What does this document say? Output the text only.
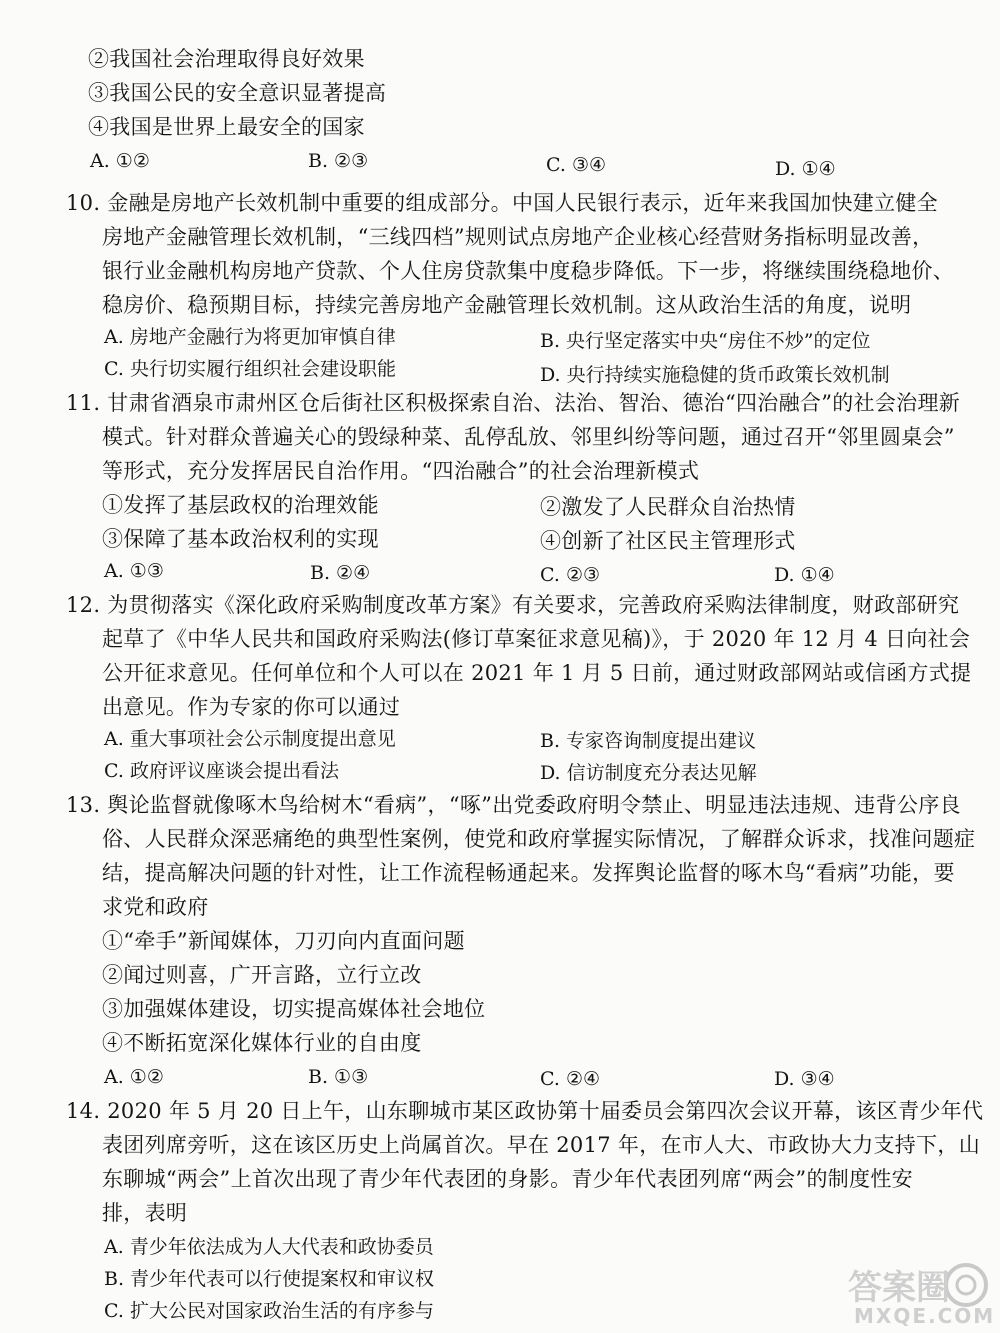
②我国社会治理取得良好效果
③我国公民的安全意识显著提高
④我国是世界上最安全的国家
A. ①②	B. ②③	C. ③④	D. ①④
10. 金融是房地产长效机制中重要的组成部分。中国人民银行表示，近年来我国加快建立健全
房地产金融管理长效机制，“三线四档”规则试点房地产企业核心经营财务指标明显改善，
银行业金融机构房地产贷款、个人住房贷款集中度稳步降低。下一步，将继续围绕稳地价、
稳房价、稳预期目标，持续完善房地产金融管理长效机制。这从政治生活的角度，说明
A. 房地产金融行为将更加审慎自律	B. 央行坚定落实中央“房住不炒”的定位
C. 央行切实履行组织社会建设职能	D. 央行持续实施稳健的货币政策长效机制
11. 甘肃省酒泉市肃州区仓后街社区积极探索自治、法治、智治、德治“四治融合”的社会治理新
模式。针对群众普遍关心的毁绿种菜、乱停乱放、邻里纠纷等问题，通过召开“邻里圆桌会”
等形式，充分发挥居民自治作用。“四治融合”的社会治理新模式
①发挥了基层政权的治理效能	②激发了人民群众自治热情
③保障了基本政治权利的实现	④创新了社区民主管理形式
A. ①③	B. ②④	C. ②③	D. ①④
12. 为贯彻落实《深化政府采购制度改革方案》有关要求，完善政府采购法律制度，财政部研究
起草了《中华人民共和国政府采购法(修订草案征求意见稿)》，于 2020 年 12 月 4 日向社会
公开征求意见。任何单位和个人可以在 2021 年 1 月 5 日前，通过财政部网站或信函方式提
出意见。作为专家的你可以通过
A. 重大事项社会公示制度提出意见	B. 专家咨询制度提出建议
C. 政府评议座谈会提出看法	D. 信访制度充分表达见解
13. 舆论监督就像啄木鸟给树木“看病”，“啄”出党委政府明令禁止、明显违法违规、违背公序良
俗、人民群众深恶痛绝的典型性案例，使党和政府掌握实际情况，了解群众诉求，找准问题症
结，提高解决问题的针对性，让工作流程畅通起来。发挥舆论监督的啄木鸟“看病”功能，要
求党和政府
①“牵手”新闻媒体，刀刃向内直面问题
②闻过则喜，广开言路，立行立改
③加强媒体建设，切实提高媒体社会地位
④不断拓宽深化媒体行业的自由度
A. ①②	B. ①③	C. ②④	D. ③④
14. 2020 年 5 月 20 日上午，山东聊城市某区政协第十届委员会第四次会议开幕，该区青少年代
表团列席旁听，这在该区历史上尚属首次。早在 2017 年，在市人大、市政协大力支持下，山
东聊城“两会”上首次出现了青少年代表团的身影。青少年代表团列席“两会”的制度性安
排，表明
A. 青少年依法成为人大代表和政协委员
B. 青少年代表可以行使提案权和审议权
C. 扩大公民对国家政治生活的有序参与
答案圈
MXQE.COM
